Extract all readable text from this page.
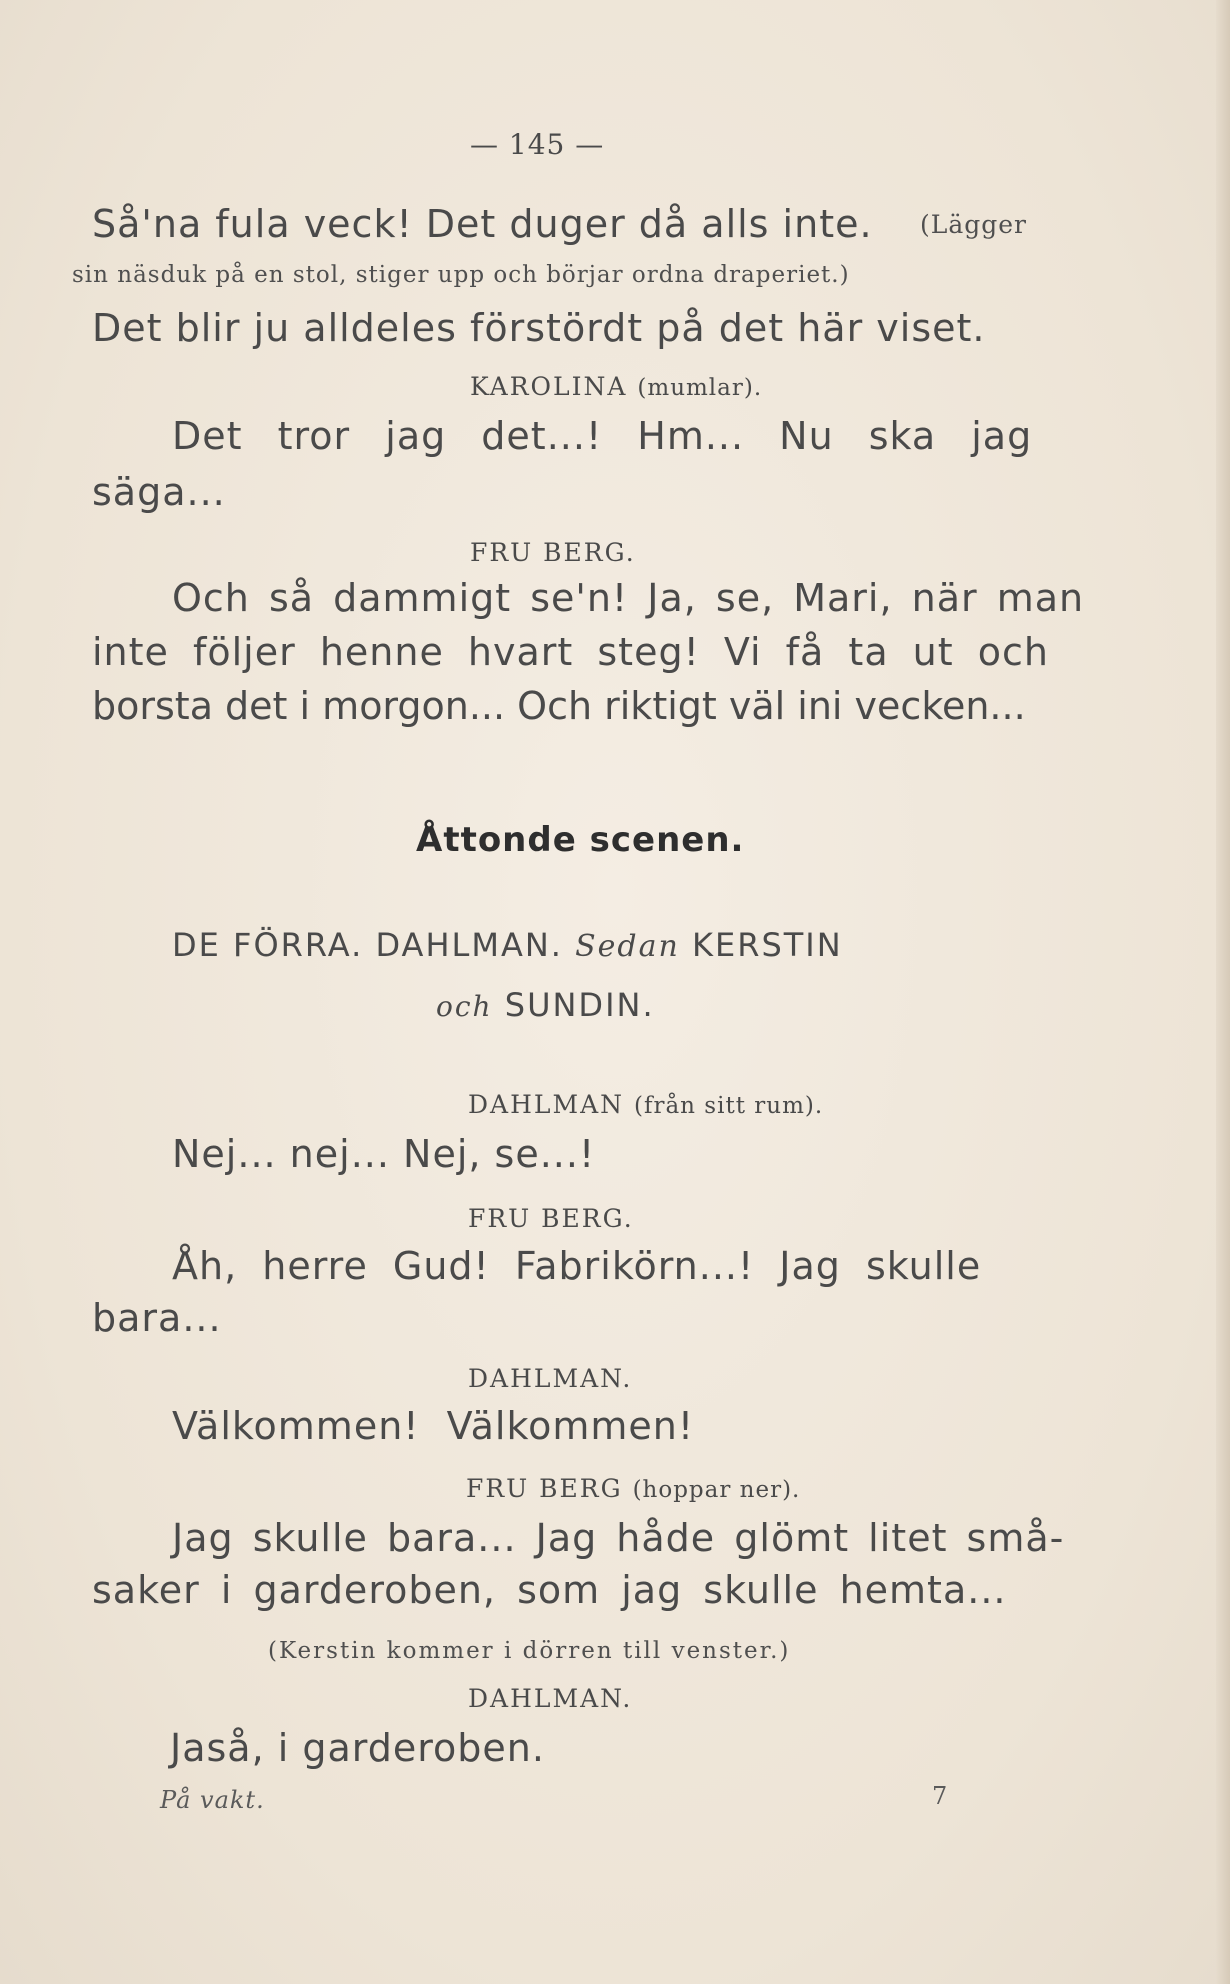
— 145 —
Så'na fula veck! Det duger då alls inte. (Lägger
sin näsduk på en stol, stiger upp och börjar ordna draperiet.)
Det blir ju alldeles förstördt på det här viset.
KAROLINA (mumlar).
Det tror jag det...! Hm... Nu ska jag
säga...
FRU BERG.
Och så dammigt se'n! Ja, se, Mari, när man
inte följer henne hvart steg! Vi få ta ut och
borsta det i morgon... Och riktigt väl ini vecken...
Åttonde scenen.
DE FÖRRA. DAHLMAN. Sedan KERSTIN
och SUNDIN.
DAHLMAN (från sitt rum).
Nej... nej... Nej, se...!
FRU BERG.
Åh, herre Gud! Fabrikörn...! Jag skulle
bara...
DAHLMAN.
Välkommen! Välkommen!
FRU BERG (hoppar ner).
Jag skulle bara... Jag håde glömt litet små-
saker i garderoben, som jag skulle hemta...
(Kerstin kommer i dörren till venster.)
DAHLMAN.
Jaså, i garderoben.
På vakt.	7
